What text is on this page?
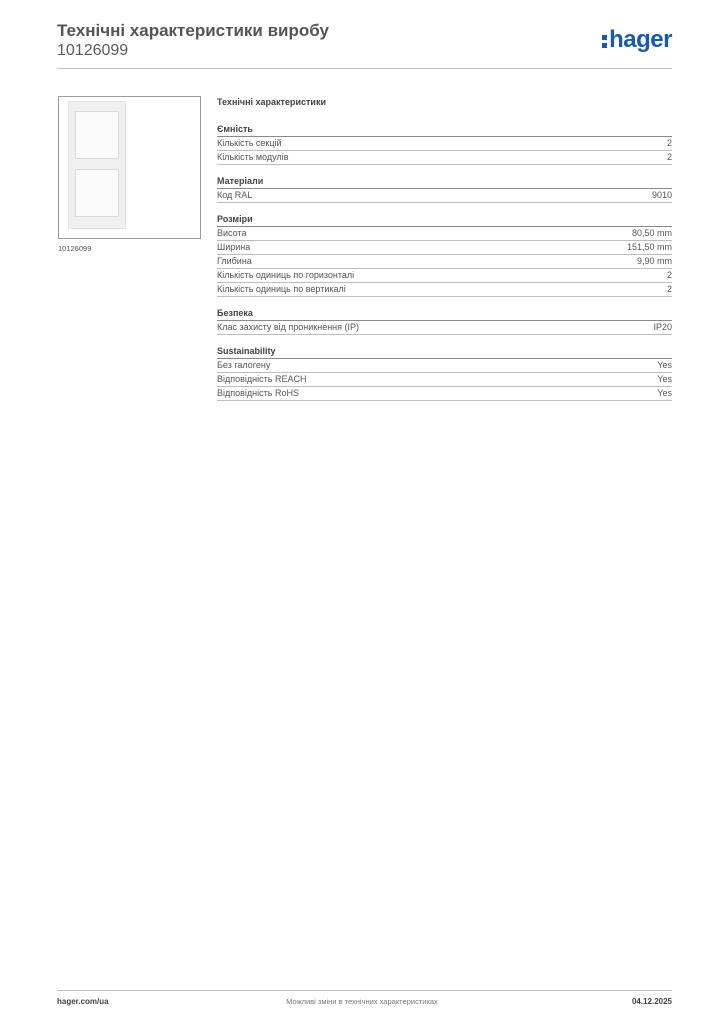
Технічні характеристики виробу
10126099	hager
10126099
Технічні характеристики
Ємність
Кількість секцій	2
Кількість модулів	2
Матеріали
Код RAL	9010
Розміри
Висота	80,50 mm
Ширина	151,50 mm
Глибина	9,90 mm
Кількість одиниць по горизонталі	2
Кількість одиниць по вертикалі	2
Безпека
Клас захисту від проникнення (IP)	IP20
Sustainability
Без галогену	Yes
Відповідність REACH	Yes
Відповідність RoHS	Yes
hager.com/ua	Можливі зміни в технічних характеристиках	04.12.2025
